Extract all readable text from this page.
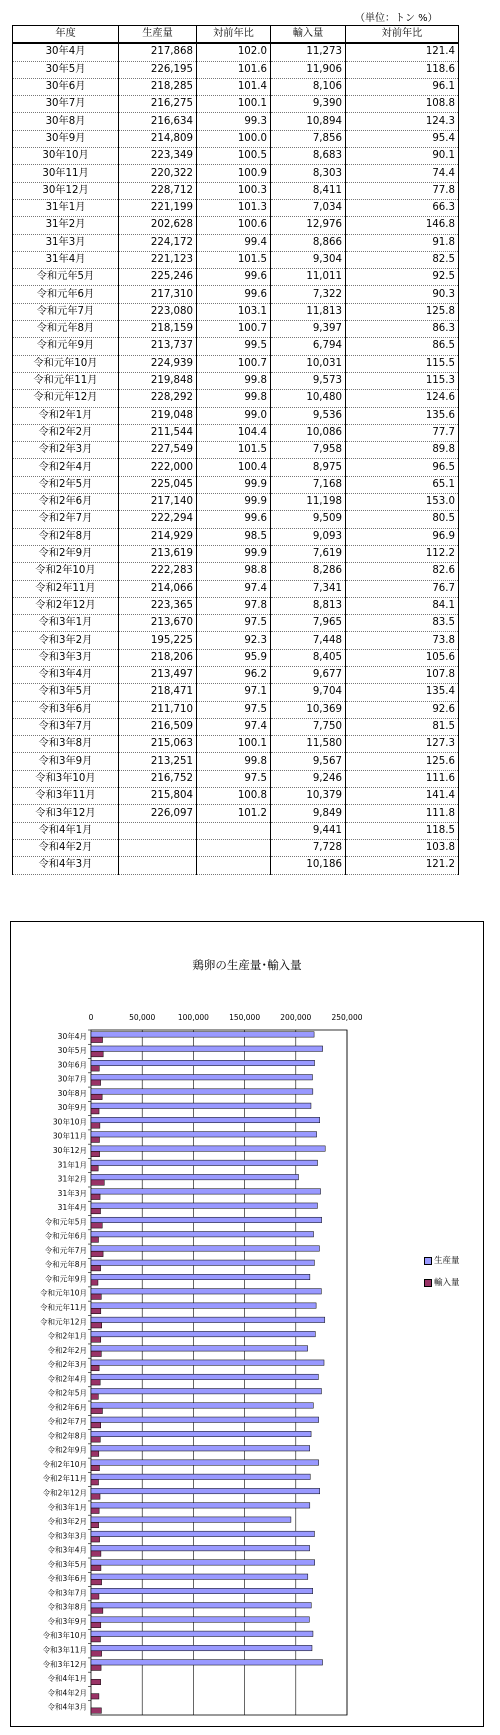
（単位：トン %）
年度	生産量	対前年比	輸入量	対前年比
30年4月	217,868	102.0	11,273	121.4
30年5月	226,195	101.6	11,906	118.6
30年6月	218,285	101.4	8,106	96.1
30年7月	216,275	100.1	9,390	108.8
30年8月	216,634	99.3	10,894	124.3
30年9月	214,809	100.0	7,856	95.4
30年10月	223,349	100.5	8,683	90.1
30年11月	220,322	100.9	8,303	74.4
30年12月	228,712	100.3	8,411	77.8
31年1月	221,199	101.3	7,034	66.3
31年2月	202,628	100.6	12,976	146.8
31年3月	224,172	99.4	8,866	91.8
31年4月	221,123	101.5	9,304	82.5
令和元年5月	225,246	99.6	11,011	92.5
令和元年6月	217,310	99.6	7,322	90.3
令和元年7月	223,080	103.1	11,813	125.8
令和元年8月	218,159	100.7	9,397	86.3
令和元年9月	213,737	99.5	6,794	86.5
令和元年10月	224,939	100.7	10,031	115.5
令和元年11月	219,848	99.8	9,573	115.3
令和元年12月	228,292	99.8	10,480	124.6
令和2年1月	219,048	99.0	9,536	135.6
令和2年2月	211,544	104.4	10,086	77.7
令和2年3月	227,549	101.5	7,958	89.8
令和2年4月	222,000	100.4	8,975	96.5
令和2年5月	225,045	99.9	7,168	65.1
令和2年6月	217,140	99.9	11,198	153.0
令和2年7月	222,294	99.6	9,509	80.5
令和2年8月	214,929	98.5	9,093	96.9
令和2年9月	213,619	99.9	7,619	112.2
令和2年10月	222,283	98.8	8,286	82.6
令和2年11月	214,066	97.4	7,341	76.7
令和2年12月	223,365	97.8	8,813	84.1
令和3年1月	213,670	97.5	7,965	83.5
令和3年2月	195,225	92.3	7,448	73.8
令和3年3月	218,206	95.9	8,405	105.6
令和3年4月	213,497	96.2	9,677	107.8
令和3年5月	218,471	97.1	9,704	135.4
令和3年6月	211,710	97.5	10,369	92.6
令和3年7月	216,509	97.4	7,750	81.5
令和3年8月	215,063	100.1	11,580	127.3
令和3年9月	213,251	99.8	9,567	125.6
令和3年10月	216,752	97.5	9,246	111.6
令和3年11月	215,804	100.8	10,379	141.4
令和3年12月	226,097	101.2	9,849	111.8
令和4年1月			9,441	118.5
令和4年2月			7,728	103.8
令和4年3月			10,186	121.2
鶏卵の生産量･輸入量
0	50,000	100,000	150,000	200,000	250,000
30年4月
30年5月
30年6月
30年7月
30年8月
30年9月
30年10月
30年11月
30年12月
31年1月
31年2月
31年3月
31年4月
令和元年5月
令和元年6月
令和元年7月
令和元年8月
令和元年9月
令和元年10月
令和元年11月
令和元年12月
令和2年1月
令和2年2月
令和2年3月
令和2年4月
令和2年5月
令和2年6月
令和2年7月
令和2年8月
令和2年9月
令和2年10月
令和2年11月
令和2年12月
令和3年1月
令和3年2月
令和3年3月
令和3年4月
令和3年5月
令和3年6月
令和3年7月
令和3年8月
令和3年9月
令和3年10月
令和3年11月
令和3年12月
令和4年1月
令和4年2月
令和4年3月
生産量
輸入量
